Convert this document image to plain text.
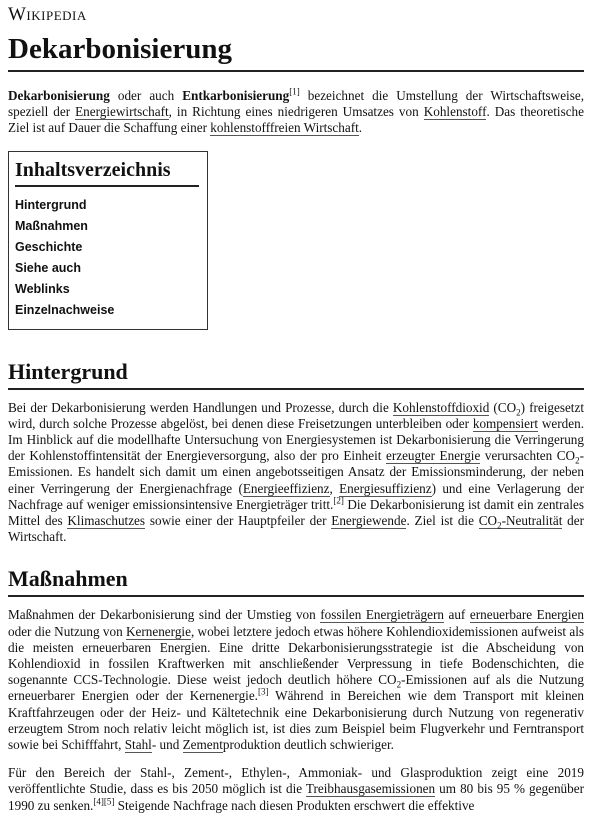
Wikipedia
Dekarbonisierung

Dekarbonisierung oder auch Entkarbonisierung[1] bezeichnet die Umstellung der Wirtschaftsweise, speziell der Energiewirtschaft, in Richtung eines niedrigeren Umsatzes von Kohlenstoff. Das theoretische Ziel ist auf Dauer die Schaffung einer kohlenstofffreien Wirtschaft.

Inhaltsverzeichnis
Hintergrund
Maßnahmen
Geschichte
Siehe auch
Weblinks
Einzelnachweise
Hintergrund

Bei der Dekarbonisierung werden Handlungen und Prozesse, durch die Kohlenstoffdioxid $(CO_2)$ freigesetzt wird, durch solche Prozesse abgelöst, bei denen diese Freisetzungen unterbleiben oder kompensiert werden. Im Hinblick auf die modellhafte Untersuchung von Energiesystemen ist Dekarbonisierung die Verringerung der Kohlenstoffintensität der Energieversorgung, also der pro Einheit erzeugter Energie verursachten $CO_2$-Emissionen. Es handelt sich damit um einen angebotsseitigen Ansatz der Emissionsminderung, der neben einer Verringerung der Energienachfrage (Energieeffizienz, Energiesuffizienz) und eine Verlagerung der Nachfrage auf weniger emissionsintensive Energieträger tritt.[2] Die Dekarbonisierung ist damit ein zentrales Mittel des Klimaschutzes sowie einer der Hauptpfeiler der Energiewende. Ziel ist die $CO_2$-Neutralität der Wirtschaft.

Maßnahmen

Maßnahmen der Dekarbonisierung sind der Umstieg von fossilen Energieträgern auf erneuerbare Energien oder die Nutzung von Kernenergie, wobei letztere jedoch etwas höhere Kohlendioxidemissionen aufweist als die meisten erneuerbaren Energien. Eine dritte Dekarbonisierungsstrategie ist die Abscheidung von Kohlendioxid in fossilen Kraftwerken mit anschließender Verpressung in tiefe Bodenschichten, die sogenannte CCS-Technologie. Diese weist jedoch deutlich höhere $CO_2$-Emissionen auf als die Nutzung erneuerbarer Energien oder der Kernenergie.[3] Während in Bereichen wie dem Transport mit kleinen Kraftfahrzeugen oder der Heiz- und Kältetechnik eine Dekarbonisierung durch Nutzung von regenerativ erzeugtem Strom noch relativ leicht möglich ist, ist dies zum Beispiel beim Flugverkehr und Ferntransport sowie bei Schifffahrt, Stahl- und Zementproduktion deutlich schwieriger.

Für den Bereich der Stahl-, Zement-, Ethylen-, Ammoniak- und Glasproduktion zeigt eine 2019 veröffentlichte Studie, dass es bis 2050 möglich ist die Treibhausgasemissionen um 80 bis 95 % gegenüber 1990 zu senken.[4][5] Steigende Nachfrage nach diesen Produkten erschwert die effektive
